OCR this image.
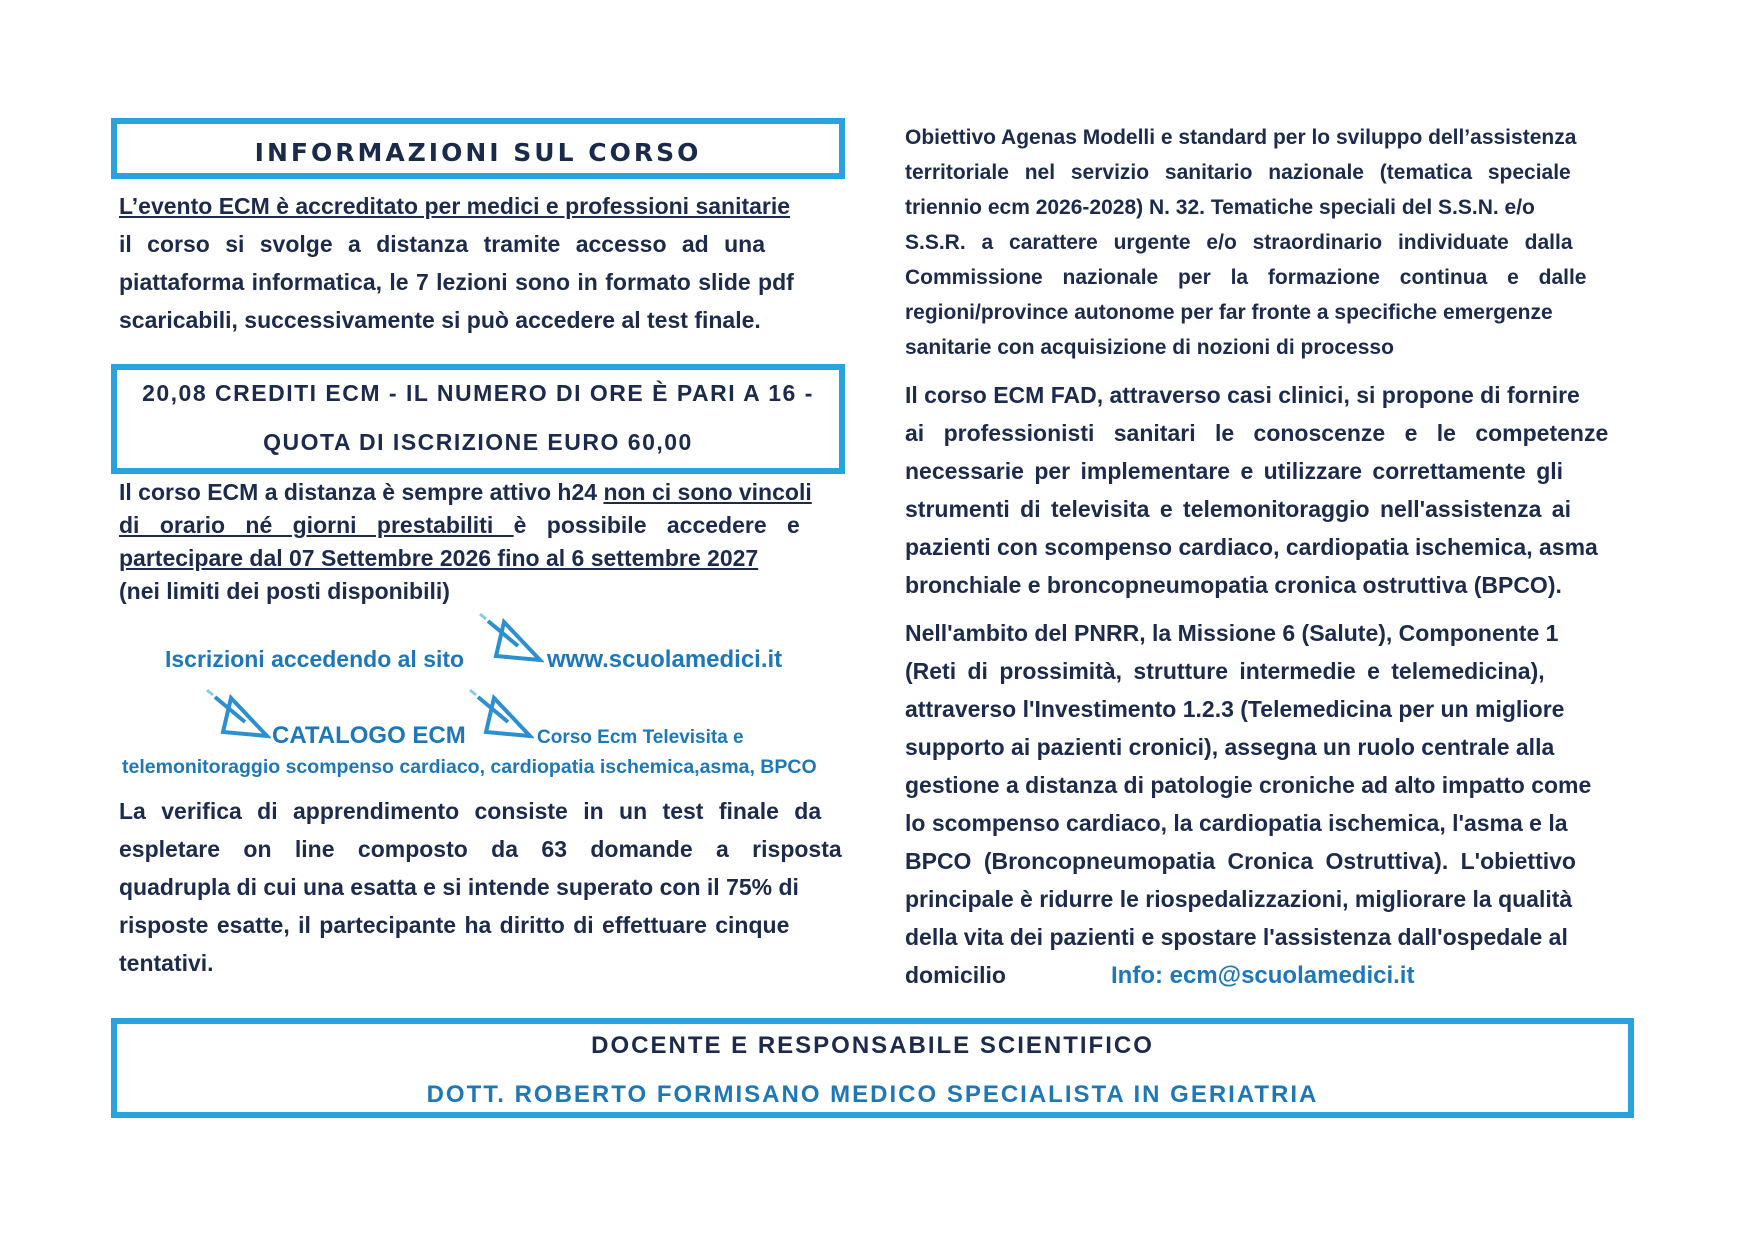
INFORMAZIONI SUL CORSO
L’evento ECM è accreditato per medici e professioni sanitarie
il corso si svolge a distanza tramite accesso ad una
piattaforma informatica, le 7 lezioni sono in formato slide pdf
scaricabili, successivamente si può accedere al test finale.
20,08 CREDITI ECM - IL NUMERO DI ORE È PARI A 16 -
QUOTA DI ISCRIZIONE EURO 60,00
Il corso ECM a distanza è sempre attivo h24 non ci sono vincoli
di orario né giorni prestabiliti è possibile accedere e
partecipare dal 07 Settembre 2026 fino al 6 settembre 2027
(nei limiti dei posti disponibili)
Iscrizioni accedendo al sito	www.scuolamedici.it
CATALOGO ECM	Corso Ecm Televisita e
telemonitoraggio scompenso cardiaco, cardiopatia ischemica,asma, BPCO
La verifica di apprendimento consiste in un test finale da
espletare on line composto da 63 domande a risposta
quadrupla di cui una esatta e si intende superato con il 75% di
risposte esatte, il partecipante ha diritto di effettuare cinque
tentativi.
Obiettivo Agenas Modelli e standard per lo sviluppo dell’assistenza
territoriale nel servizio sanitario nazionale (tematica speciale
triennio ecm 2026-2028) N. 32. Tematiche speciali del S.S.N. e/o
S.S.R. a carattere urgente e/o straordinario individuate dalla
Commissione nazionale per la formazione continua e dalle
regioni/province autonome per far fronte a specifiche emergenze
sanitarie con acquisizione di nozioni di processo
Il corso ECM FAD, attraverso casi clinici, si propone di fornire
ai professionisti sanitari le conoscenze e le competenze
necessarie per implementare e utilizzare correttamente gli
strumenti di televisita e telemonitoraggio nell'assistenza ai
pazienti con scompenso cardiaco, cardiopatia ischemica, asma
bronchiale e broncopneumopatia cronica ostruttiva (BPCO).
Nell'ambito del PNRR, la Missione 6 (Salute), Componente 1
(Reti di prossimità, strutture intermedie e telemedicina),
attraverso l'Investimento 1.2.3 (Telemedicina per un migliore
supporto ai pazienti cronici), assegna un ruolo centrale alla
gestione a distanza di patologie croniche ad alto impatto come
lo scompenso cardiaco, la cardiopatia ischemica, l'asma e la
BPCO (Broncopneumopatia Cronica Ostruttiva). L'obiettivo
principale è ridurre le riospedalizzazioni, migliorare la qualità
della vita dei pazienti e spostare l'assistenza dall'ospedale al
domicilio	Info: ecm@scuolamedici.it
DOCENTE E RESPONSABILE SCIENTIFICO
DOTT. ROBERTO FORMISANO MEDICO SPECIALISTA IN GERIATRIA
